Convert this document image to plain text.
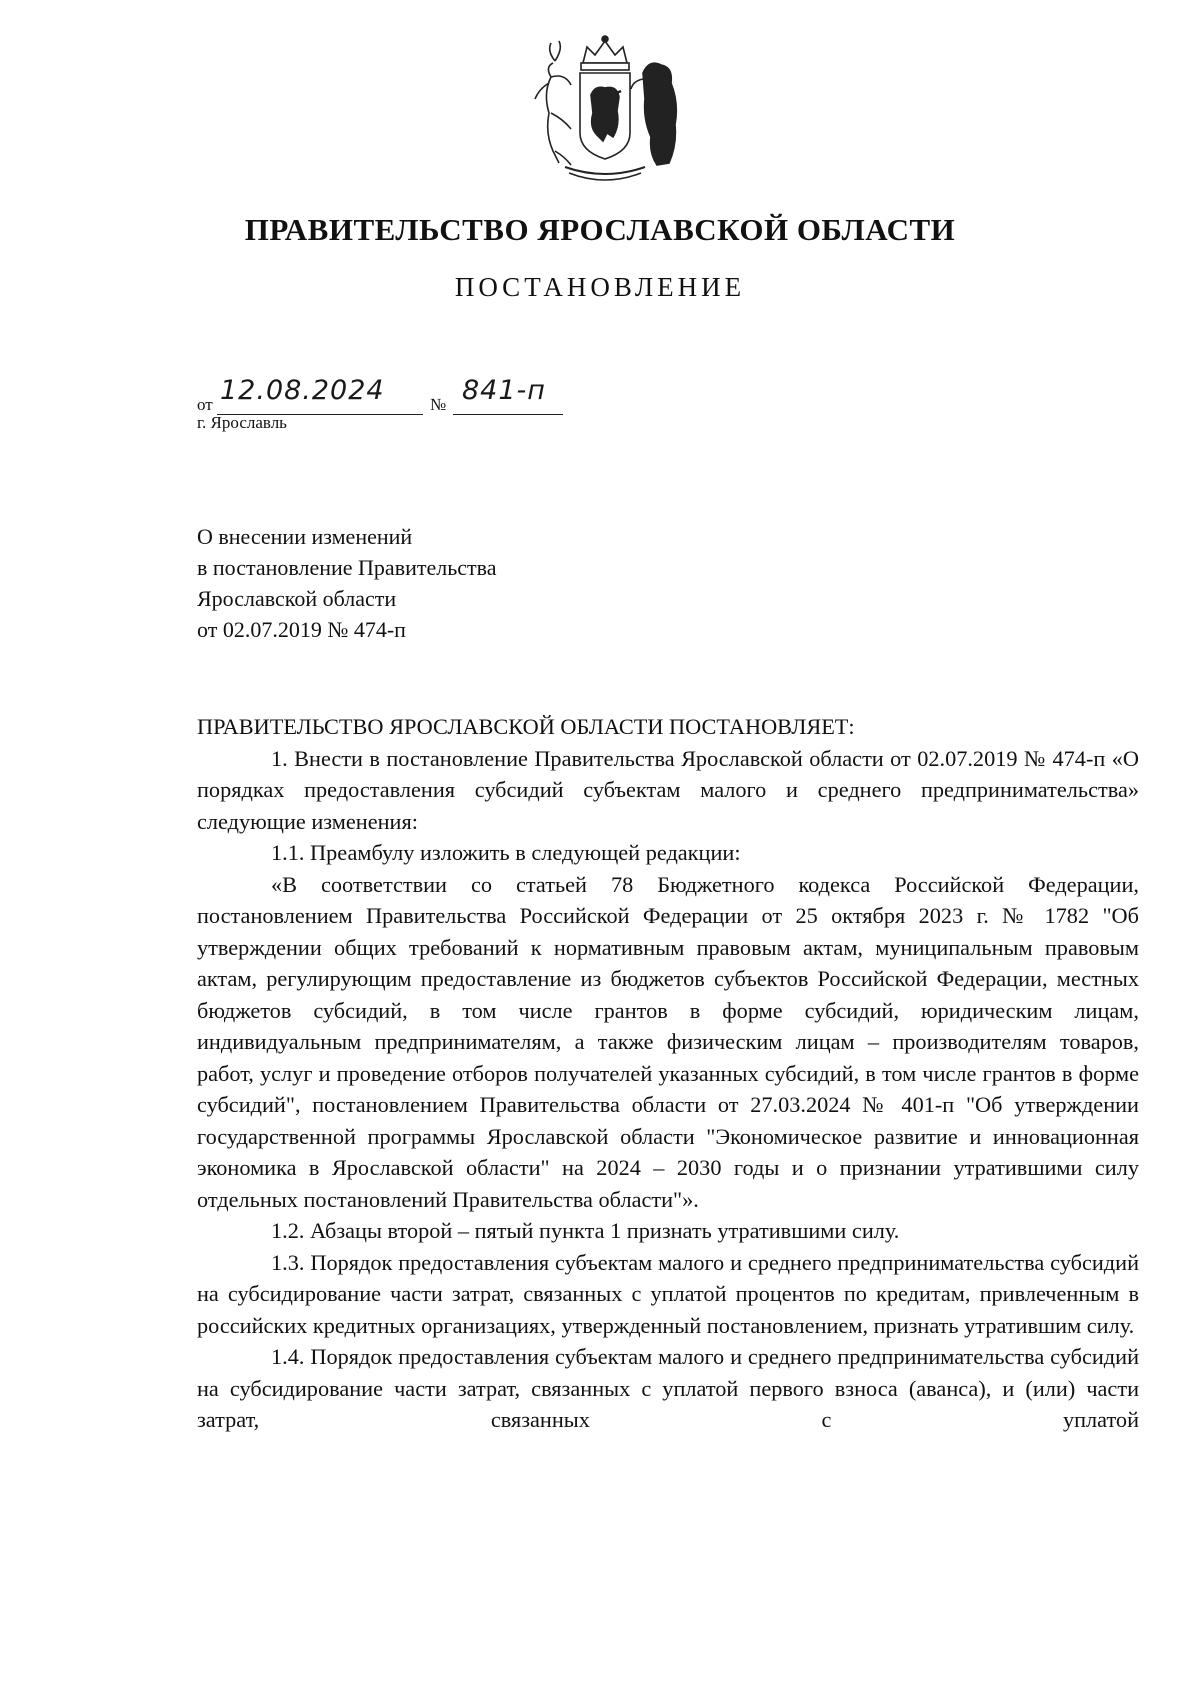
ПРАВИТЕЛЬСТВО ЯРОСЛАВСКОЙ ОБЛАСТИ
ПОСТАНОВЛЕНИЕ
от 12.08.2024	№ 841-п
г. Ярославль
О внесении изменений
в постановление Правительства
Ярославской области
от 02.07.2019 № 474-п

ПРАВИТЕЛЬСТВО ЯРОСЛАВСКОЙ ОБЛАСТИ ПОСТАНОВЛЯЕТ:

1. Внести в постановление Правительства Ярославской области от 02.07.2019 № 474-п «О порядках предоставления субсидий субъектам малого и среднего предпринимательства» следующие изменения:

1.1. Преамбулу изложить в следующей редакции:

«В соответствии со статьей 78 Бюджетного кодекса Российской Федерации, постановлением Правительства Российской Федерации от 25 октября 2023 г. № 1782 "Об утверждении общих требований к нормативным правовым актам, муниципальным правовым актам, регулирующим предоставление из бюджетов субъектов Российской Федерации, местных бюджетов субсидий, в том числе грантов в форме субсидий, юридическим лицам, индивидуальным предпринимателям, а также физическим лицам – производителям товаров, работ, услуг и проведение отборов получателей указанных субсидий, в том числе грантов в форме субсидий", постановлением Правительства области от 27.03.2024 № 401-п "Об утверждении государственной программы Ярославской области "Экономическое развитие и инновационная экономика в Ярославской области" на 2024 – 2030 годы и о признании утратившими силу отдельных постановлений Правительства области"».

1.2. Абзацы второй – пятый пункта 1 признать утратившими силу.

1.3. Порядок предоставления субъектам малого и среднего предпринимательства субсидий на субсидирование части затрат, связанных с уплатой процентов по кредитам, привлеченным в российских кредитных организациях, утвержденный постановлением, признать утратившим силу.

1.4. Порядок предоставления субъектам малого и среднего предпринимательства субсидий на субсидирование части затрат, связанных с уплатой первого взноса (аванса), и (или) части затрат, связанных с уплатой
